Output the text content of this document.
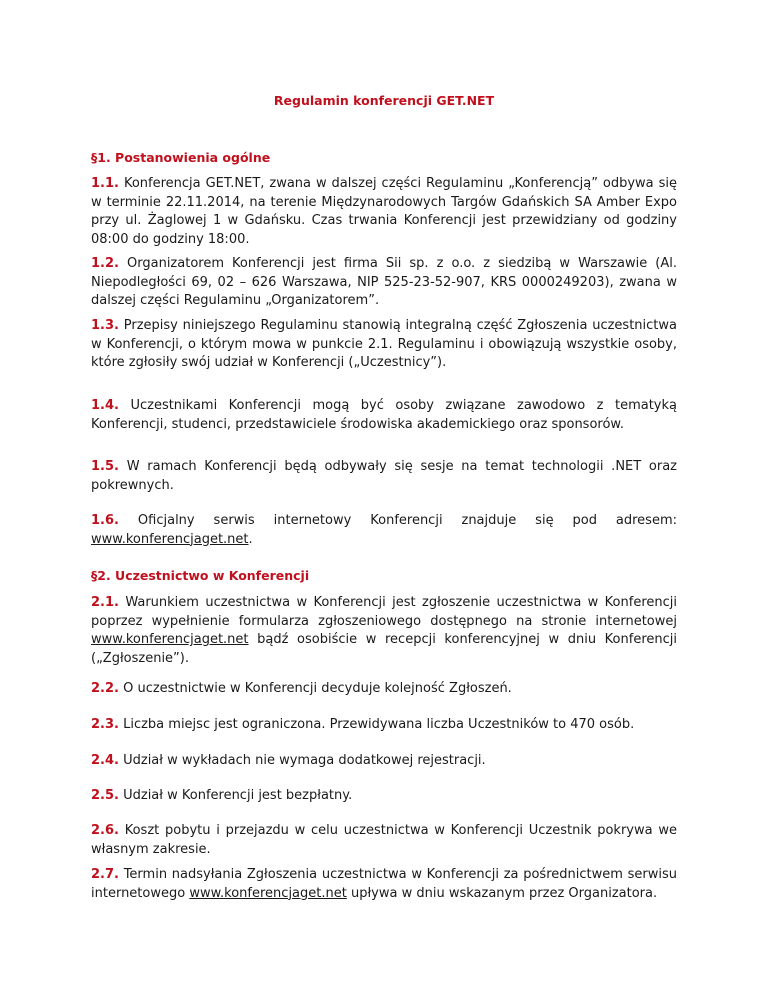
Regulamin konferencji GET.NET
§1. Postanowienia ogólne
1.1. Konferencja GET.NET, zwana w dalszej części Regulaminu „Konferencją” odbywa się w terminie 22.11.2014, na terenie Międzynarodowych Targów Gdańskich SA Amber Expo przy ul. Żaglowej 1 w Gdańsku. Czas trwania Konferencji jest przewidziany od godziny 08:00 do godziny 18:00.
1.2. Organizatorem Konferencji jest firma Sii sp. z o.o. z siedzibą w Warszawie (Al. Niepodległości 69, 02 – 626 Warszawa, NIP 525-23-52-907, KRS 0000249203), zwana w dalszej części Regulaminu „Organizatorem”.
1.3. Przepisy niniejszego Regulaminu stanowią integralną część Zgłoszenia uczestnictwa w Konferencji, o którym mowa w punkcie 2.1. Regulaminu i obowiązują wszystkie osoby, które zgłosiły swój udział w Konferencji („Uczestnicy”).
1.4. Uczestnikami Konferencji mogą być osoby związane zawodowo z tematyką Konferencji, studenci, przedstawiciele środowiska akademickiego oraz sponsorów.
1.5. W ramach Konferencji będą odbywały się sesje na temat technologii .NET oraz pokrewnych.
1.6. Oficjalny serwis internetowy Konferencji znajduje się pod adresem:
www.konferencjaget.net.
§2. Uczestnictwo w Konferencji
2.1. Warunkiem uczestnictwa w Konferencji jest zgłoszenie uczestnictwa w Konferencji poprzez wypełnienie formularza zgłoszeniowego dostępnego na stronie internetowej www.konferencjaget.net bądź osobiście w recepcji konferencyjnej w dniu Konferencji („Zgłoszenie”).
2.2. O uczestnictwie w Konferencji decyduje kolejność Zgłoszeń.
2.3. Liczba miejsc jest ograniczona. Przewidywana liczba Uczestników to 470 osób.
2.4. Udział w wykładach nie wymaga dodatkowej rejestracji.
2.5. Udział w Konferencji jest bezpłatny.
2.6. Koszt pobytu i przejazdu w celu uczestnictwa w Konferencji Uczestnik pokrywa we własnym zakresie.
2.7. Termin nadsyłania Zgłoszenia uczestnictwa w Konferencji za pośrednictwem serwisu internetowego www.konferencjaget.net upływa w dniu wskazanym przez Organizatora.
